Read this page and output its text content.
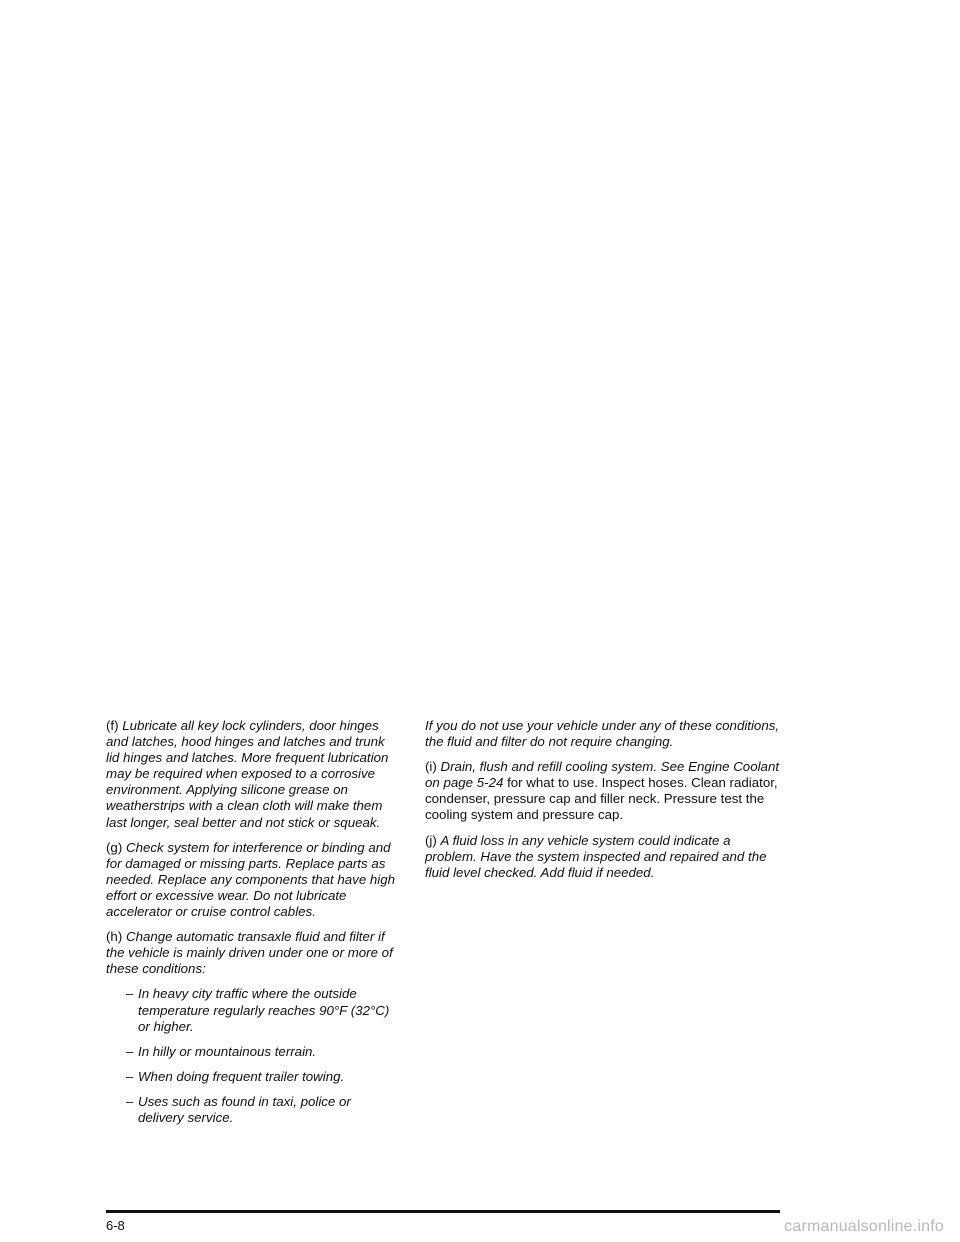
(f) Lubricate all key lock cylinders, door hinges and latches, hood hinges and latches and trunk lid hinges and latches. More frequent lubrication may be required when exposed to a corrosive environment. Applying silicone grease on weatherstrips with a clean cloth will make them last longer, seal better and not stick or squeak.

(g) Check system for interference or binding and for damaged or missing parts. Replace parts as needed. Replace any components that have high effort or excessive wear. Do not lubricate accelerator or cruise control cables.

(h) Change automatic transaxle fluid and filter if the vehicle is mainly driven under one or more of these conditions:

– In heavy city traffic where the outside temperature regularly reaches 90°F (32°C) or higher.
– In hilly or mountainous terrain.
– When doing frequent trailer towing.
– Uses such as found in taxi, police or delivery service.

If you do not use your vehicle under any of these conditions, the fluid and filter do not require changing.

(i) Drain, flush and refill cooling system. See Engine Coolant on page 5-24 for what to use. Inspect hoses. Clean radiator, condenser, pressure cap and filler neck. Pressure test the cooling system and pressure cap.

(j) A fluid loss in any vehicle system could indicate a problem. Have the system inspected and repaired and the fluid level checked. Add fluid if needed.

6-8	carmanualsonline.info
